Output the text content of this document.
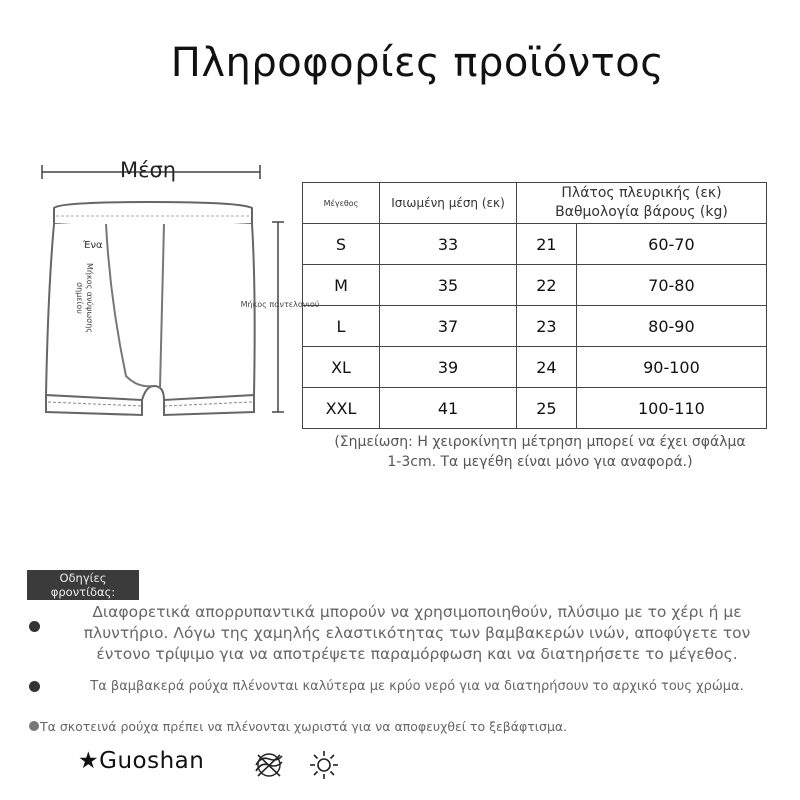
Πληροφορίες προϊόντος
Μέση
Ένα
Μήκος ανύψωσης σημείου	Μήκος παντελονιού
Μέγεθος	Ισιωμένη μέση (εκ)	Πλάτος πλευρικής (εκ)
Βαθμολογία βάρους (kg)	

S	33	21	60-70
M	35	22	70-80
L	37	23	80-90
XL	39	24	90-100
XXL	41	25	100-110
(Σημείωση: Η χειροκίνητη μέτρηση μπορεί να έχει σφάλμα
1-3cm. Τα μεγέθη είναι μόνο για αναφορά.)
Οδηγίες
φροντίδας:
Διαφορετικά απορρυπαντικά μπορούν να χρησιμοποιηθούν, πλύσιμο με το χέρι ή με
πλυντήριο. Λόγω της χαμηλής ελαστικότητας των βαμβακερών ινών, αποφύγετε τον
έντονο τρίψιμο για να αποτρέψετε παραμόρφωση και να διατηρήσετε το μέγεθος.
Τα βαμβακερά ρούχα πλένονται καλύτερα με κρύο νερό για να διατηρήσουν το αρχικό τους χρώμα.
Τα σκοτεινά ρούχα πρέπει να πλένονται χωριστά για να αποφευχθεί το ξεβάφτισμα.
★Guoshan
